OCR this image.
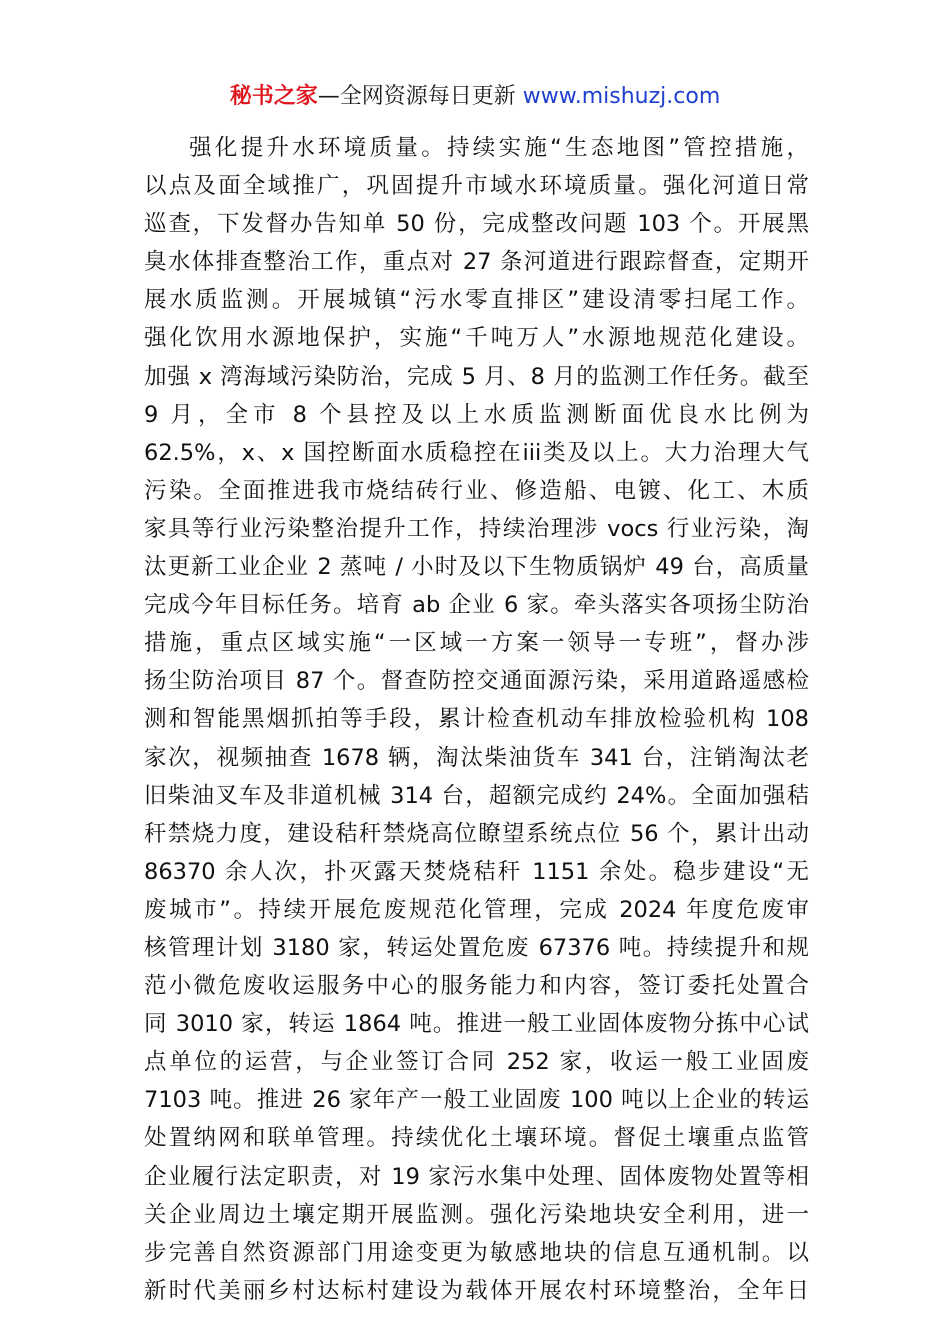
秘书之家—全网资源每日更新 www.mishuzj.com
强化提升水环境质量。持续实施“生态地图”管控措施，
以点及面全域推广，巩固提升市域水环境质量。强化河道日常
巡查，下发督办告知单 50 份，完成整改问题 103 个。开展黑
臭水体排查整治工作，重点对 27 条河道进行跟踪督查，定期开
展水质监测。开展城镇“污水零直排区”建设清零扫尾工作。
强化饮用水源地保护，实施“千吨万人”水源地规范化建设。
加强 x 湾海域污染防治，完成 5 月、8 月的监测工作任务。截至
9 月，全市 8 个县控及以上水质监测断面优良水比例为
62.5%，x、x 国控断面水质稳控在iii类及以上。大力治理大气
污染。全面推进我市烧结砖行业、修造船、电镀、化工、木质
家具等行业污染整治提升工作，持续治理涉 vocs 行业污染，淘
汰更新工业企业 2 蒸吨 / 小时及以下生物质锅炉 49 台，高质量
完成今年目标任务。培育 ab 企业 6 家。牵头落实各项扬尘防治
措施，重点区域实施“一区域一方案一领导一专班”，督办涉
扬尘防治项目 87 个。督查防控交通面源污染，采用道路遥感检
测和智能黑烟抓拍等手段，累计检查机动车排放检验机构 108
家次，视频抽查 1678 辆，淘汰柴油货车 341 台，注销淘汰老
旧柴油叉车及非道机械 314 台，超额完成约 24%。全面加强秸
秆禁烧力度，建设秸秆禁烧高位瞭望系统点位 56 个，累计出动
86370 余人次，扑灭露天焚烧秸秆 1151 余处。稳步建设“无
废城市”。持续开展危废规范化管理，完成 2024 年度危废审
核管理计划 3180 家，转运处置危废 67376 吨。持续提升和规
范小微危废收运服务中心的服务能力和内容，签订委托处置合
同 3010 家，转运 1864 吨。推进一般工业固体废物分拣中心试
点单位的运营，与企业签订合同 252 家，收运一般工业固废
7103 吨。推进 26 家年产一般工业固废 100 吨以上企业的转运
处置纳网和联单管理。持续优化土壤环境。督促土壤重点监管
企业履行法定职责，对 19 家污水集中处理、固体废物处置等相
关企业周边土壤定期开展监测。强化污染地块安全利用，进一
步完善自然资源部门用途变更为敏感地块的信息互通机制。以
新时代美丽乡村达标村建设为载体开展农村环境整治，全年日
